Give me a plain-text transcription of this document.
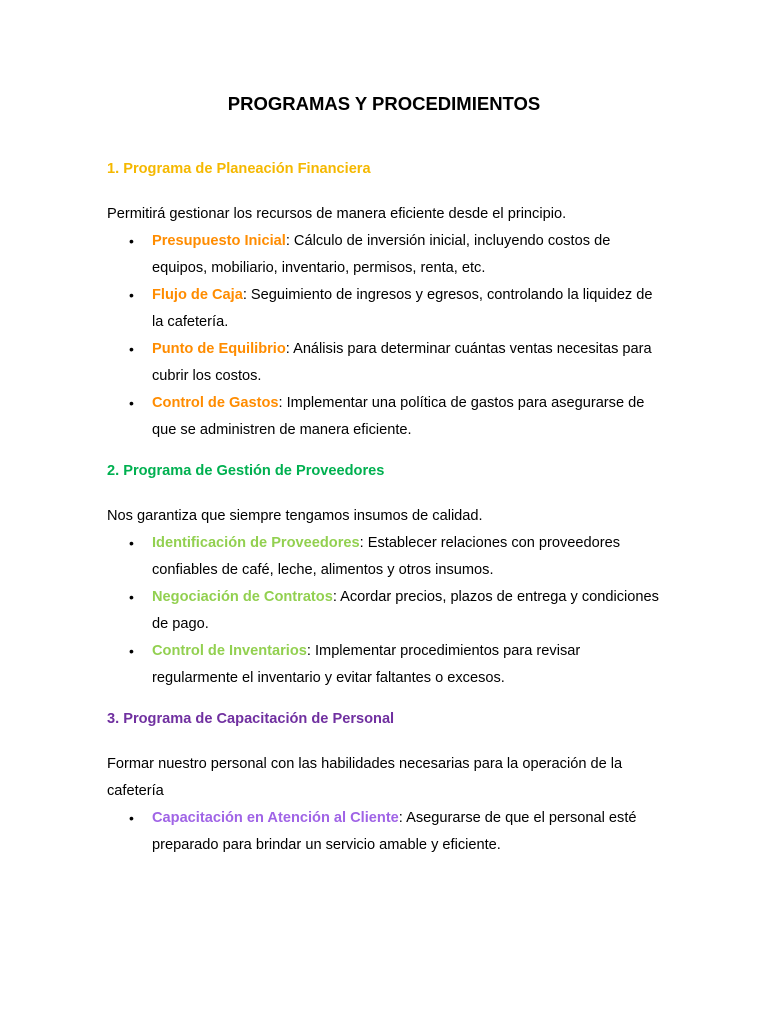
PROGRAMAS Y PROCEDIMIENTOS
1. Programa de Planeación Financiera

Permitirá gestionar los recursos de manera eficiente desde el principio.

• Presupuesto Inicial: Cálculo de inversión inicial, incluyendo costos de equipos, mobiliario, inventario, permisos, renta, etc.
• Flujo de Caja: Seguimiento de ingresos y egresos, controlando la liquidez de la cafetería.
• Punto de Equilibrio: Análisis para determinar cuántas ventas necesitas para cubrir los costos.
• Control de Gastos: Implementar una política de gastos para asegurarse de que se administren de manera eficiente.
2. Programa de Gestión de Proveedores

Nos garantiza que siempre tengamos insumos de calidad.

• Identificación de Proveedores: Establecer relaciones con proveedores confiables de café, leche, alimentos y otros insumos.
• Negociación de Contratos: Acordar precios, plazos de entrega y condiciones de pago.
• Control de Inventarios: Implementar procedimientos para revisar regularmente el inventario y evitar faltantes o excesos.
3. Programa de Capacitación de Personal

Formar nuestro personal con las habilidades necesarias para la operación de la cafetería

• Capacitación en Atención al Cliente: Asegurarse de que el personal esté preparado para brindar un servicio amable y eficiente.
